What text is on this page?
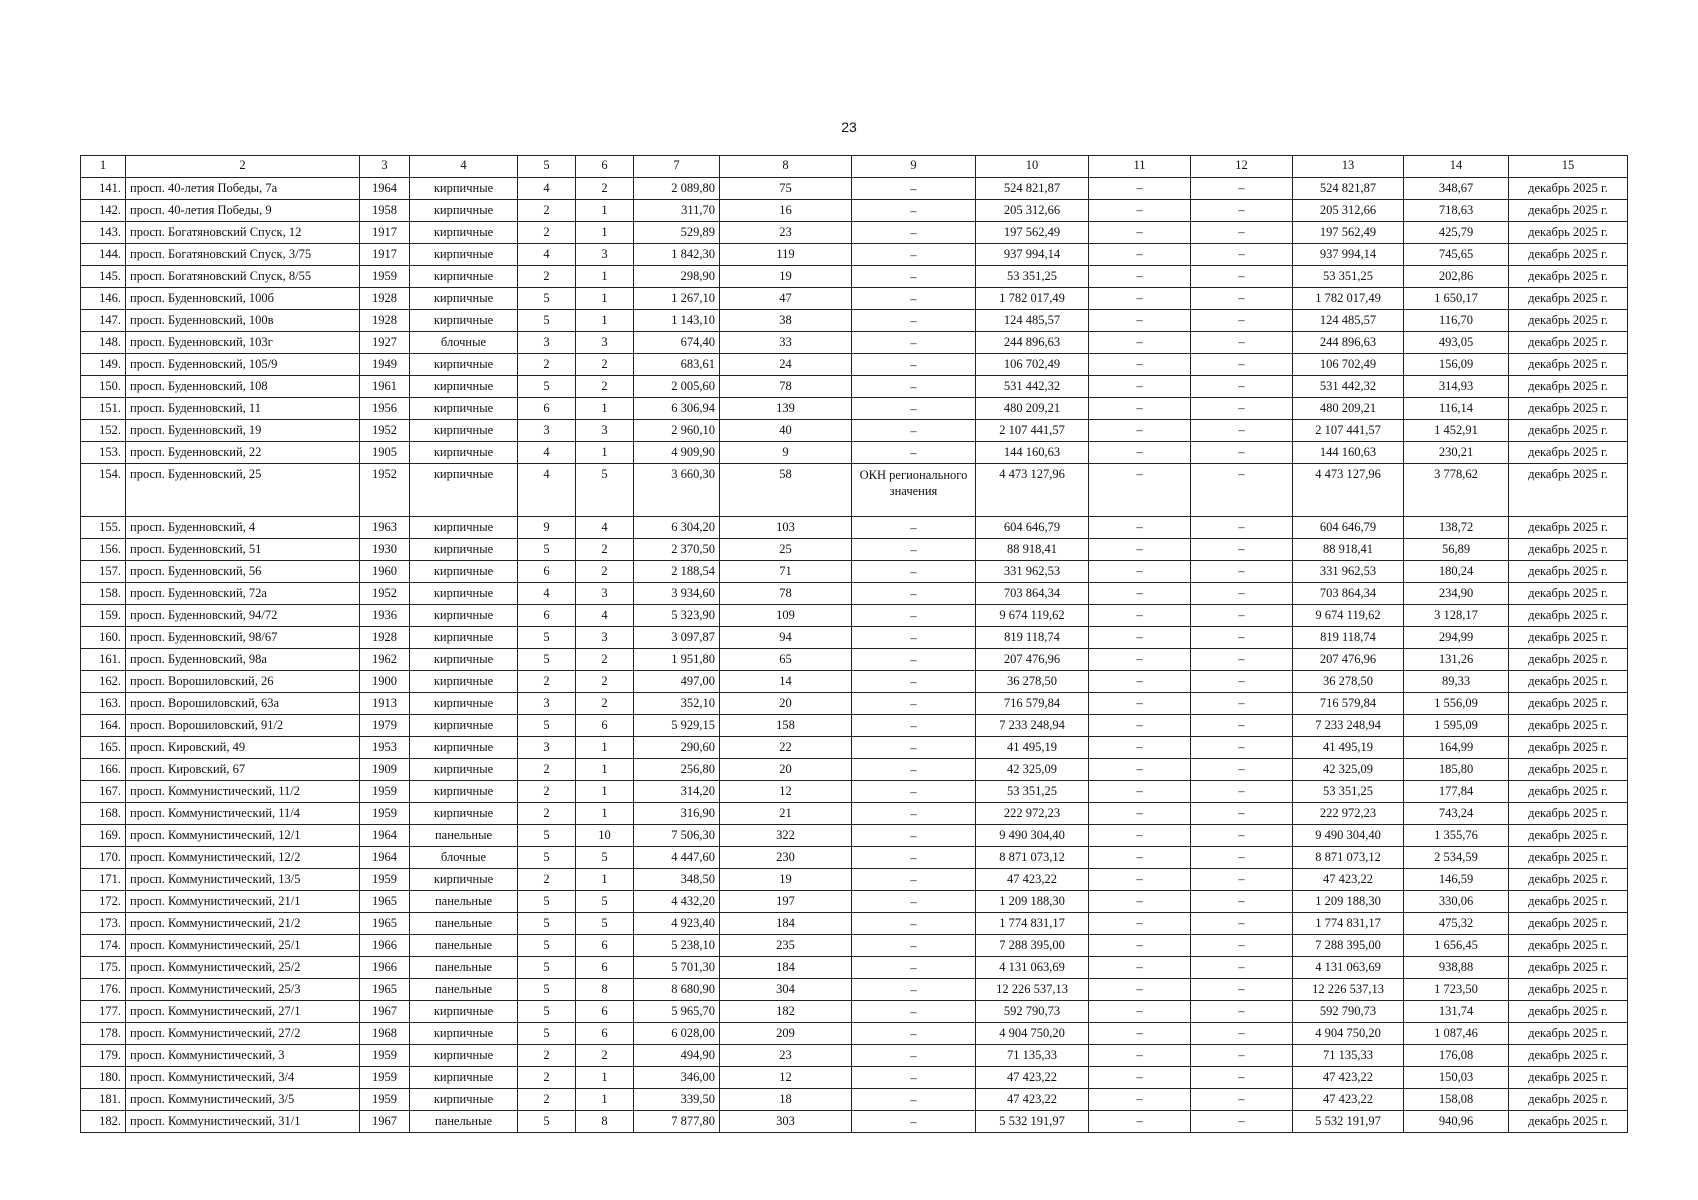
23
1	2	3	4	5	6	7	8	9	10	11	12	13	14	15
141.	просп. 40-летия Победы, 7а	1964	кирпичные	4	2	2 089,80	75	–	524 821,87	–	–	524 821,87	348,67	декабрь 2025 г.
142.	просп. 40-летия Победы, 9	1958	кирпичные	2	1	311,70	16	–	205 312,66	–	–	205 312,66	718,63	декабрь 2025 г.
143.	просп. Богатяновский Спуск, 12	1917	кирпичные	2	1	529,89	23	–	197 562,49	–	–	197 562,49	425,79	декабрь 2025 г.
144.	просп. Богатяновский Спуск, 3/75	1917	кирпичные	4	3	1 842,30	119	–	937 994,14	–	–	937 994,14	745,65	декабрь 2025 г.
145.	просп. Богатяновский Спуск, 8/55	1959	кирпичные	2	1	298,90	19	–	53 351,25	–	–	53 351,25	202,86	декабрь 2025 г.
146.	просп. Буденновский, 100б	1928	кирпичные	5	1	1 267,10	47	–	1 782 017,49	–	–	1 782 017,49	1 650,17	декабрь 2025 г.
147.	просп. Буденновский, 100в	1928	кирпичные	5	1	1 143,10	38	–	124 485,57	–	–	124 485,57	116,70	декабрь 2025 г.
148.	просп. Буденновский, 103г	1927	блочные	3	3	674,40	33	–	244 896,63	–	–	244 896,63	493,05	декабрь 2025 г.
149.	просп. Буденновский, 105/9	1949	кирпичные	2	2	683,61	24	–	106 702,49	–	–	106 702,49	156,09	декабрь 2025 г.
150.	просп. Буденновский, 108	1961	кирпичные	5	2	2 005,60	78	–	531 442,32	–	–	531 442,32	314,93	декабрь 2025 г.
151.	просп. Буденновский, 11	1956	кирпичные	6	1	6 306,94	139	–	480 209,21	–	–	480 209,21	116,14	декабрь 2025 г.
152.	просп. Буденновский, 19	1952	кирпичные	3	3	2 960,10	40	–	2 107 441,57	–	–	2 107 441,57	1 452,91	декабрь 2025 г.
153.	просп. Буденновский, 22	1905	кирпичные	4	1	4 909,90	9	–	144 160,63	–	–	144 160,63	230,21	декабрь 2025 г.
154.	просп. Буденновский, 25	1952	кирпичные	4	5	3 660,30	58	ОКН регионального значения	4 473 127,96	–	–	4 473 127,96	3 778,62	декабрь 2025 г.
155.	просп. Буденновский, 4	1963	кирпичные	9	4	6 304,20	103	–	604 646,79	–	–	604 646,79	138,72	декабрь 2025 г.
156.	просп. Буденновский, 51	1930	кирпичные	5	2	2 370,50	25	–	88 918,41	–	–	88 918,41	56,89	декабрь 2025 г.
157.	просп. Буденновский, 56	1960	кирпичные	6	2	2 188,54	71	–	331 962,53	–	–	331 962,53	180,24	декабрь 2025 г.
158.	просп. Буденновский, 72а	1952	кирпичные	4	3	3 934,60	78	–	703 864,34	–	–	703 864,34	234,90	декабрь 2025 г.
159.	просп. Буденновский, 94/72	1936	кирпичные	6	4	5 323,90	109	–	9 674 119,62	–	–	9 674 119,62	3 128,17	декабрь 2025 г.
160.	просп. Буденновский, 98/67	1928	кирпичные	5	3	3 097,87	94	–	819 118,74	–	–	819 118,74	294,99	декабрь 2025 г.
161.	просп. Буденновский, 98а	1962	кирпичные	5	2	1 951,80	65	–	207 476,96	–	–	207 476,96	131,26	декабрь 2025 г.
162.	просп. Ворошиловский, 26	1900	кирпичные	2	2	497,00	14	–	36 278,50	–	–	36 278,50	89,33	декабрь 2025 г.
163.	просп. Ворошиловский, 63а	1913	кирпичные	3	2	352,10	20	–	716 579,84	–	–	716 579,84	1 556,09	декабрь 2025 г.
164.	просп. Ворошиловский, 91/2	1979	кирпичные	5	6	5 929,15	158	–	7 233 248,94	–	–	7 233 248,94	1 595,09	декабрь 2025 г.
165.	просп. Кировский, 49	1953	кирпичные	3	1	290,60	22	–	41 495,19	–	–	41 495,19	164,99	декабрь 2025 г.
166.	просп. Кировский, 67	1909	кирпичные	2	1	256,80	20	–	42 325,09	–	–	42 325,09	185,80	декабрь 2025 г.
167.	просп. Коммунистический, 11/2	1959	кирпичные	2	1	314,20	12	–	53 351,25	–	–	53 351,25	177,84	декабрь 2025 г.
168.	просп. Коммунистический, 11/4	1959	кирпичные	2	1	316,90	21	–	222 972,23	–	–	222 972,23	743,24	декабрь 2025 г.
169.	просп. Коммунистический, 12/1	1964	панельные	5	10	7 506,30	322	–	9 490 304,40	–	–	9 490 304,40	1 355,76	декабрь 2025 г.
170.	просп. Коммунистический, 12/2	1964	блочные	5	5	4 447,60	230	–	8 871 073,12	–	–	8 871 073,12	2 534,59	декабрь 2025 г.
171.	просп. Коммунистический, 13/5	1959	кирпичные	2	1	348,50	19	–	47 423,22	–	–	47 423,22	146,59	декабрь 2025 г.
172.	просп. Коммунистический, 21/1	1965	панельные	5	5	4 432,20	197	–	1 209 188,30	–	–	1 209 188,30	330,06	декабрь 2025 г.
173.	просп. Коммунистический, 21/2	1965	панельные	5	5	4 923,40	184	–	1 774 831,17	–	–	1 774 831,17	475,32	декабрь 2025 г.
174.	просп. Коммунистический, 25/1	1966	панельные	5	6	5 238,10	235	–	7 288 395,00	–	–	7 288 395,00	1 656,45	декабрь 2025 г.
175.	просп. Коммунистический, 25/2	1966	панельные	5	6	5 701,30	184	–	4 131 063,69	–	–	4 131 063,69	938,88	декабрь 2025 г.
176.	просп. Коммунистический, 25/3	1965	панельные	5	8	8 680,90	304	–	12 226 537,13	–	–	12 226 537,13	1 723,50	декабрь 2025 г.
177.	просп. Коммунистический, 27/1	1967	кирпичные	5	6	5 965,70	182	–	592 790,73	–	–	592 790,73	131,74	декабрь 2025 г.
178.	просп. Коммунистический, 27/2	1968	кирпичные	5	6	6 028,00	209	–	4 904 750,20	–	–	4 904 750,20	1 087,46	декабрь 2025 г.
179.	просп. Коммунистический, 3	1959	кирпичные	2	2	494,90	23	–	71 135,33	–	–	71 135,33	176,08	декабрь 2025 г.
180.	просп. Коммунистический, 3/4	1959	кирпичные	2	1	346,00	12	–	47 423,22	–	–	47 423,22	150,03	декабрь 2025 г.
181.	просп. Коммунистический, 3/5	1959	кирпичные	2	1	339,50	18	–	47 423,22	–	–	47 423,22	158,08	декабрь 2025 г.
182.	просп. Коммунистический, 31/1	1967	панельные	5	8	7 877,80	303	–	5 532 191,97	–	–	5 532 191,97	940,96	декабрь 2025 г.
